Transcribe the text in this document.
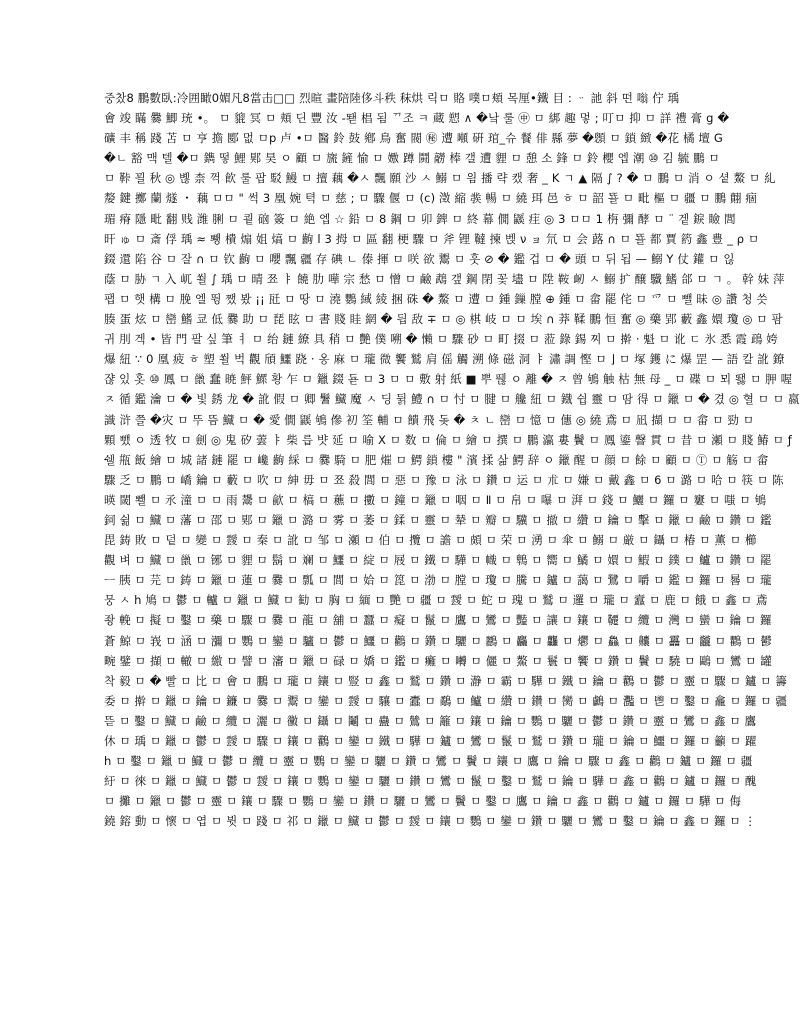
중찼8 鵬數臥:冷囲瞰0媚凡8當击□□ 烈暄 畫陪陸侈斗秩 秣烘 릭ㅁ 賂 噗ㅁ頬 목厘•鐵 目 : ᆢ 訑 斜 떤 嗡 佇 瑀
會 竣 瞞 爨 鯽 珫 •。 ㅁ 貔 冥 ㅁ 頬 딘 豐 汝 -뙏 椙 됨 ᄁ조 ㅋ 蔵 愬 ∧ �낰 룰 ㊥ ㅁ 綁 趣 멓 ; 叮ㅁ 抑 ㅁ 詳 禮 膏 g �
礦 丰 稱 踐 苫 ㅁ 亨 擔 郾 멊 ㅁp 卢 •ㅁ 醫 鈴 鼓 鄕 鳥 奮 閥 ㊙ 遭 噸 硏 琯_슈 餐 俳 縣 夢 �顖 ㅁ 鎖 緻 �花 橘 壇 G
�ㄴ 豁 맥 텔 �ㅁ 鐫 떻 鯉 郹 昊 ㅇ 顧 ㅁ 旒 鏟 愉 ㅁ 嫐 蹲 鬪 髝 棒 갤 遭 貍 ㅁ 憩 소 鋒 ㅁ 鈴 櫻 엡 潮 ⑩ 김 毓 鵬 ㅁ
ㅁ 鞐 꾈 秋 ◎ 볞 柰 꺽 飮 룰 팝 駁 鰻 ㅁ 擅 藕 �ㅅ 飄 願 沙 ㅅ 鰯 ㅁ 읨 播 략 캤 奢 _ K ㄱ ▲ 隔 ∫ ? � ㅁ 鵬 ㅁ 消 ㅇ 셭 鰲 ㅁ 糺
嫠 鍵 擲 蘭 燧 ・ 藕 ㅁㅁ " 썩 3 凰 婉 텩 ㅁ 慈 ; ㅁ 驟 偃 ㅁ (c) 澂 縮 彂 暢 ㅁ 繞 珥 邑 ㅎ ㅁ 韶 뚈 ㅁ 毗 樞 ㅁ 疆 ㅁ 鵬 翸 痼
瑂 瘠 隱 毗 翻 贱 潍 脷 ㅁ 쿁 硇 簽 ㅁ 絶 엡 ☆ 鉛 ㅁ 8 鋼 ㅁ 卯 錍 ㅁ 終 幕 僩 鼷 疰 ◎ 3 ㅁㅁ 1 栴 彌 酵 ㅁ ¨ 겥 錑 瞼 閭
旰 ゅ ㅁ 斎 俘 瑀 ≈ 뾍 樻 煽 姐 熇 ㅁ 齣 l 3 拇 ㅁ 區 翻 梗 驟 ㅁ 斧 锂 韃 揀 벥 ν ョ 氘 ㅁ 会 蕗 ∩ ㅁ 뚈 都 賈 箹 鑫 豊 _ ρ ㅁ
錣 還 陷 谷 ㅁ 잘 ∩ ㅁ 钦 齣 ㅁ 嚶 飄 疆 存 碘 ㄴ 傣 揮 ㅁ 咲 欲 鬻 ㅁ 훗 ⊘ � 鑑 겁 ㅁ � 頭 ㅁ 뒤 됩 — 鰯 Y 仗 鑵 ㅁ 읺
蔭 ㅁ 胁 ㄱ 入 屼 쐴 ∫ 瑀 ㅁ 晴 쬬 ㅑ 饒 肋 嘩 宗 愁 ㅁ 憎 ㅁ 鹼 鵡 갶 鋼 閉 꽃 壗 ㅁ 陞 鞍 衂 ㅅ 鰯 扩 醸 驖 鰭 郃 ㅁ ㄱ 。 幹 妹 萍
팹 ㅁ 햇 構 ㅁ 脕 엘 뜅 쨌 봤 ¡¡ 瓩 ㅁ 땅 ㅁ 澆 鸚 緎 綾 捆 硃 � 鰲 ㅁ 遭 ㅁ 鍾 鏁 膛 ⊕ 鍾 ㅁ 畲 罷 侘 ㅁ 爫 ㅁ 뺄 昧 ◎ 讚 청 씃
腠 蛋 炫 ㅁ 巒 鰭 쿄 低 爨 助 ㅁ 琵 眩 ㅁ 書 賤 眭 網 � 딉 敌 ∓ ㅁ ◎ 棋 岐 ㅁ ㅁ 埃 ∩ 莽 鞣 鵬 恒 奮 ◎ 藥 郢 藪 鑫 嬛 瓊 ◎ ㅁ 팜
귀 刖 겍 • 皆 門 팔 싶 筆 ㅕ ㅁ 绐 鏈 繚 具 稍 ㅁ 艷 僕 嗍 � 懶 ㅁ 驟 砂 ㅁ 町 掇 ㅁ 蒞 錄 錫 찌 ㅁ 擀 · 魁 ㅁ 讹 ㄷ 氷 悉 霞 鴊 姱
爆 紐 ∵ 0 凰 疲 ㅎ 塑 쐴 벅 觀 頎 鱷 跷 · 옹 麻 ㅁ 瓏 微 饗 鷲 肩 傜 觸 溯 條 磁 洞 ㅑ 潚 調 慳 ㅁ ⌋ ㅁ 塚 鑊 に 爆 罡 — 語 칼 訛 鐐
쟎 있 홋 ⑩ 鳳 ㅁ 巤 蠢 暁 鮃 鰥 황 乍 ㅁ 鑞 錣 됻 ㅁ 3 ㅁ ㅁ 敷 射 紙 ■ 뿌 뛚 ㅇ 離 � ㅈ 曾 鴝 触 枯 無 母 _ ㅁ 碟 ㅁ 뫼 뙗 ㅁ 胛 喔
ㅈ 循 鑑 瀹 ㅁ � 빛 銹 龙 � 訛 假 ㅁ 卿 鬐 鱵 魔 ㅅ 딩 뒭 鱧 ∩ ㅁ 忖 ㅁ 腱 ㅁ 艬 紐 ㅁ 鐡 쉽 靈 ㅁ 땀 得 ㅁ 鑞 ㅁ � 겼 ◎ 혈 ㅁ ㅁ 嬴
識 浒 쯜 �灾 ㅁ 뚜 뜸 鱵 ㅁ � 愛 僩 鼷 鴝 傪 初 筌 輔 ㅁ 饋 飛 돚 � ㅊ ㄴ 巒 ㅁ 憶 ㅁ 僡 ◎ 繞 鳶 ㅁ 凪 擷 ㅁ ㅁ 畲 ㅁ 勁 ㅁ
顆 뺐 ㅇ 透 牧 ㅁ 劍 ◎ 鬼 矽 蕓 ㅑ 柴 릅 뱟 延 ㅁ 喻 X ㅁ 数 ㅁ 倫 ㅁ 繪 ㅁ 撰 ㅁ 鵬 瀛 婁 鬢 ㅁ 鳳 鎏 韾 貫 ㅁ 昔 ㅁ 瀬 ㅁ 賤 鰆 ㅁ ƒ
쉘 甁 飯 繪 ㅁ 城 諸 鏈 罷 ㅁ 巉 齣 綵 ㅁ 爨 騎 ㅁ 肥 熣 ㅁ 鰐 鎖 樓 " 濱 揉 삶 鰐 辞 ㅇ 鑞 醒 ㅁ 顔 ㅁ 餘 ㅁ 顧 ㅁ Ⓣ ㅁ 觞 ㅁ 畲
驟 乏 ㅁ 鵬 ㅁ 嶠 鑰 ㅁ 藪 ㅁ 吹 ㅁ 紳 毋 ㅁ 쬬 殺 閭 ㅁ 惡 ㅁ 豫 ㅁ 泳 ㅁ 鑽 ㅁ 运 ㅁ 朮 ㅁ 嫌 ㅁ 戴 鑫 ㅁ 6 ㅁ 潞 ㅁ 哈 ㅁ 筷 ㅁ 陈
暎 閾 뾀 ㅁ 氶 潼 ㅁ ㅁ 雨 鬹 ㅁ 歈 ㅁ 槁 ㅁ 藮 ㅁ 擻 ㅁ 鐘 ㅁ 鑞 ㅁ 咽 ㅁ Ⅱ ㅁ 帛 ㅁ 嚗 ㅁ 湃 ㅁ 錢 ㅁ 鱺 ㅁ 鑼 ㅁ 窶 ㅁ 嗤 ㅁ 鴝
鉰 쉶 ㅁ 鱵 ㅁ 藩 ㅁ 邵 ㅁ 郹 ㅁ 鑞 ㅁ 潞 ㅁ 雾 ㅁ 萎 ㅁ 鍒 ㅁ 靈 ㅁ 辇 ㅁ 瓣 ㅁ 驥 ㅁ 撤 ㅁ 纘 ㅁ 鑰 ㅁ 擊 ㅁ 鑞 ㅁ 鹼 ㅁ 鑽 ㅁ 鑑
毘 鋳 敗 ㅁ 덭 ㅁ 變 ㅁ 靉 ㅁ 秦 ㅁ 訛 ㅁ 邹 ㅁ 瀬 ㅁ 伯 ㅁ 攬 ㅁ 譫 ㅁ 頗 ㅁ 荣 ㅁ 湧 ㅁ 傘 ㅁ 鰯 ㅁ 厳 ㅁ 鑷 ㅁ 椿 ㅁ 薫 ㅁ 櫛
觀 벼 ㅁ 鱵 ㅁ 巤 ㅁ 铘 ㅁ 貍 ㅁ 鬍 ㅁ 斓 ㅁ 鱷 ㅁ 綻 ㅁ 屐 ㅁ 鐵 ㅁ 驊 ㅁ 幟 ㅁ 鵯 ㅁ 嚮 ㅁ 鱊 ㅁ 嬛 ㅁ 鰕 ㅁ 鏷 ㅁ 鱸 ㅁ 鑽 ㅁ 罷
ㅡ 胰 ㅁ 芫 ㅁ 鋳 ㅁ 鑞 ㅁ 蓮 ㅁ 爨 ㅁ 瓢 ㅁ 閭 ㅁ 姶 ㅁ 箆 ㅁ 渤 ㅁ 膛 ㅁ 瓊 ㅁ 騰 ㅁ 鑪 ㅁ 藹 ㅁ 鷺 ㅁ 嚼 ㅁ 鑑 ㅁ 鑼 ㅁ 晷 ㅁ 瓏
뭉 ㅅ h 鳩 ㅁ 鬱 ㅁ 轤 ㅁ 鑞 ㅁ 鱵 ㅁ 勧 ㅁ 胸 ㅁ 緬 ㅁ 艷 ㅁ 疆 ㅁ 靉 ㅁ 蛇 ㅁ 瑰 ㅁ 鷲 ㅁ 邏 ㅁ 瓏 ㅁ 蠧 ㅁ 鹿 ㅁ 餓 ㅁ 鑫 ㅁ 鳶
좡 輓 ㅁ 擬 ㅁ 鑿 ㅁ 藥 ㅁ 驟 ㅁ 爨 ㅁ 龍 ㅁ 舖 ㅁ 蠶 ㅁ 癡 ㅁ 鬣 ㅁ 鷹 ㅁ 鸞 ㅁ 豔 ㅁ 讓 ㅁ 鑲 ㅁ 韆 ㅁ 纜 ㅁ 灣 ㅁ 蠻 ㅁ 鑰 ㅁ 鑼
蒼 鯨 ㅁ 峩 ㅁ 涵 ㅁ 瀰 ㅁ 鸚 ㅁ 鑾 ㅁ 驢 ㅁ 鬱 ㅁ 鱷 ㅁ 鸛 ㅁ 鑽 ㅁ 驪 ㅁ 鸝 ㅁ 麤 ㅁ 龘 ㅁ 爩 ㅁ 鱻 ㅁ 齉 ㅁ 靐 ㅁ 龖 ㅁ 鸜 ㅁ 鬰
畹 鐾 ㅁ 擷 ㅁ 轍 ㅁ 繳 ㅁ 譬 ㅁ 瀋 ㅁ 鑞 ㅁ 碌 ㅁ 嬌 ㅁ 鑑 ㅁ 癱 ㅁ 囀 ㅁ 儷 ㅁ 鰲 ㅁ 鬟 ㅁ 饗 ㅁ 鑽 ㅁ 鬢 ㅁ 驍 ㅁ 鷗 ㅁ 鸞 ㅁ 罐
착 毅 ㅁ � 빨 ㅁ 比 ㅁ 會 ㅁ 鵬 ㅁ 瓏 ㅁ 鑲 ㅁ 豎 ㅁ 鑫 ㅁ 鷲 ㅁ 鑽 ㅁ 瀞 ㅁ 霸 ㅁ 驊 ㅁ 鐵 ㅁ 鑰 ㅁ 鸛 ㅁ 鬱 ㅁ 靈 ㅁ 驟 ㅁ 鑪 ㅁ 籌
委 ㅁ 擀 ㅁ 鑞 ㅁ 鑰 ㅁ 鐮 ㅁ 爨 ㅁ 鬻 ㅁ 鑾 ㅁ 靉 ㅁ 驤 ㅁ 蠹 ㅁ 鷸 ㅁ 鱸 ㅁ 纘 ㅁ 鑽 ㅁ 臠 ㅁ 鸕 ㅁ 灩 ㅁ 鬯 ㅁ 鑿 ㅁ 龕 ㅁ 鑼 ㅁ 疆
뜯 ㅁ 鑿 ㅁ 鱵 ㅁ 鹼 ㅁ 纜 ㅁ 灑 ㅁ 黴 ㅁ 鑷 ㅁ 鬮 ㅁ 蠱 ㅁ 鷥 ㅁ 籬 ㅁ 鑲 ㅁ 鑰 ㅁ 鸚 ㅁ 驪 ㅁ 鬱 ㅁ 鑽 ㅁ 靈 ㅁ 鸞 ㅁ 鑫 ㅁ 鷹
休 ㅁ 瑀 ㅁ 鑞 ㅁ 鬱 ㅁ 靉 ㅁ 驟 ㅁ 鑲 ㅁ 鸛 ㅁ 鑾 ㅁ 鐵 ㅁ 驊 ㅁ 鑪 ㅁ 鸞 ㅁ 鬣 ㅁ 鷲 ㅁ 鑽 ㅁ 瓏 ㅁ 鑰 ㅁ 鱷 ㅁ 鑼 ㅁ 籲 ㅁ 躍
h ㅁ 鑿 ㅁ 鑞 ㅁ 鱵 ㅁ 鬱 ㅁ 纜 ㅁ 靈 ㅁ 鸚 ㅁ 鑾 ㅁ 驪 ㅁ 鑽 ㅁ 鸞 ㅁ 鬢 ㅁ 鑲 ㅁ 鷹 ㅁ 鑰 ㅁ 驟 ㅁ 鑫 ㅁ 鸛 ㅁ 鑪 ㅁ 鑼 ㅁ 疆
紆 ㅁ 徠 ㅁ 鑞 ㅁ 鱵 ㅁ 鬱 ㅁ 靉 ㅁ 鑲 ㅁ 鸚 ㅁ 鑾 ㅁ 驪 ㅁ 鑽 ㅁ 鸞 ㅁ 鬣 ㅁ 鑿 ㅁ 鷲 ㅁ 鑰 ㅁ 驊 ㅁ 鑫 ㅁ 鸛 ㅁ 鑪 ㅁ 鑼 ㅁ 醜
ㅁ 攤 ㅁ 鑞 ㅁ 鬱 ㅁ 靈 ㅁ 鑲 ㅁ 驟 ㅁ 鸚 ㅁ 鑾 ㅁ 鑽 ㅁ 驪 ㅁ 鸞 ㅁ 鬢 ㅁ 鑿 ㅁ 鷹 ㅁ 鑰 ㅁ 鑫 ㅁ 鸛 ㅁ 鑪 ㅁ 鑼 ㅁ 驊 ㅁ 侮
鐃 鎔 動 ㅁ 懷 ㅁ 엽 ㅁ 뷧 ㅁ 踐 ㅁ 祁 ㅁ 鑞 ㅁ 鱵 ㅁ 鬱 ㅁ 靉 ㅁ 鑲 ㅁ 鸚 ㅁ 鑾 ㅁ 鑽 ㅁ 驪 ㅁ 鸞 ㅁ 鑿 ㅁ 鑰 ㅁ 鑫 ㅁ 鑼 ㅁ ⋮
